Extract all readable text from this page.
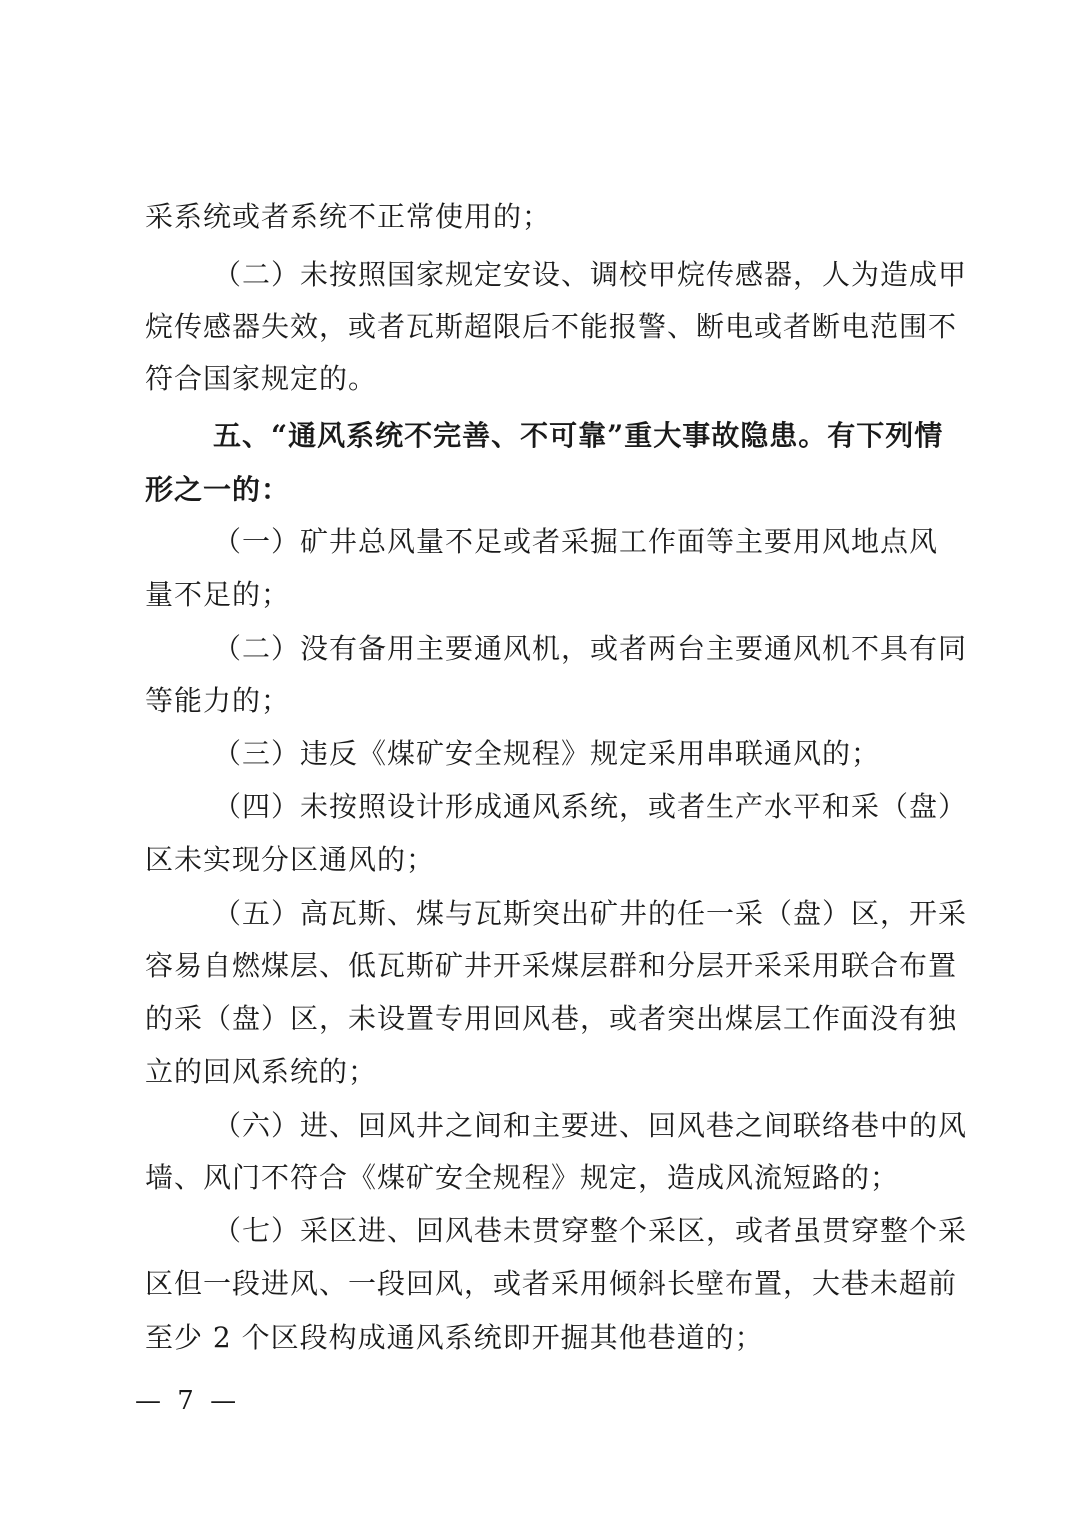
采系统或者系统不正常使用的；
（二）未按照国家规定安设、调校甲烷传感器，人为造成甲
烷传感器失效，或者瓦斯超限后不能报警、断电或者断电范围不
符合国家规定的。
五、“通风系统不完善、不可靠”重大事故隐患。有下列情
形之一的：
（一）矿井总风量不足或者采掘工作面等主要用风地点风
量不足的；
（二）没有备用主要通风机，或者两台主要通风机不具有同
等能力的；
（三）违反《煤矿安全规程》规定采用串联通风的；
（四）未按照设计形成通风系统，或者生产水平和采（盘）
区未实现分区通风的；
（五）高瓦斯、煤与瓦斯突出矿井的任一采（盘）区，开采
容易自燃煤层、低瓦斯矿井开采煤层群和分层开采采用联合布置
的采（盘）区，未设置专用回风巷，或者突出煤层工作面没有独
立的回风系统的；
（六）进、回风井之间和主要进、回风巷之间联络巷中的风
墙、风门不符合《煤矿安全规程》规定，造成风流短路的；
（七）采区进、回风巷未贯穿整个采区，或者虽贯穿整个采
区但一段进风、一段回风，或者采用倾斜长壁布置，大巷未超前
至少 2 个区段构成通风系统即开掘其他巷道的；
— 7 —
